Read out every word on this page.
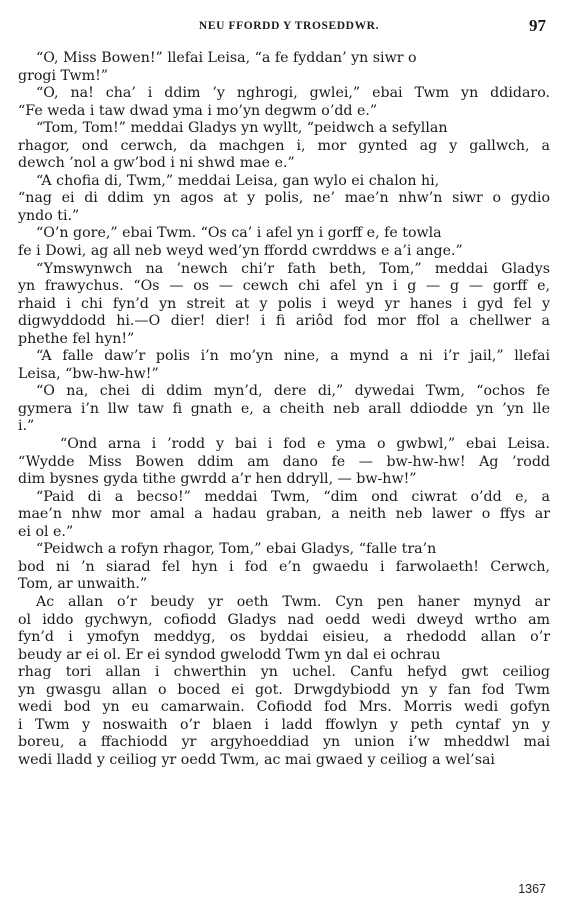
NEU FFORDD Y TROSEDDWR.	97
“O, Miss Bowen!” llefai Leisa, “a fe fyddan’ yn siwr o
grogi Twm!”
“O, na! cha’ i ddim ’y nghrogi, gwlei,” ebai Twm yn ddidaro.
“Fe weda i taw dwad yma i mo’yn degwm o’dd e.”
“Tom, Tom!” meddai Gladys yn wyllt, “peidwch a sefyllan
rhagor, ond cerwch, da machgen i, mor gynted ag y gallwch, a
dewch ’nol a gw’bod i ni shwd mae e.”
“A chofia di, Twm,” meddai Leisa, gan wylo ei chalon hi,
“nag ei di ddim yn agos at y polis, ne’ mae’n nhw’n siwr o gydio
yndo ti.”
“O’n gore,” ebai Twm. “Os ca’ i afel yn i gorff e, fe towla
fe i Dowi, ag all neb weyd wed’yn ffordd cwrddws e a’i ange.”
“Ymswynwch na ’newch chi’r fath beth, Tom,” meddai Gladys
yn frawychus. “Os — os — cewch chi afel yn i g — g — gorff e,
rhaid i chi fyn’d yn streit at y polis i weyd yr hanes i gyd fel y
digwyddodd hi.—O dier! dier! i fi ariôd fod mor ffol a chellwer a
phethe fel hyn!”
“A falle daw’r polis i’n mo’yn nine, a mynd a ni i’r jail,” llefai
Leisa, “bw-hw-hw!”
“O na, chei di ddim myn’d, dere di,” dywedai Twm, “ochos fe
gymera i’n llw taw fi gnath e, a cheith neb arall ddiodde yn ’yn lle
i.”
“Ond arna i ’rodd y bai i fod e yma o gwbwl,” ebai Leisa.
“Wydde Miss Bowen ddim am dano fe — bw-hw-hw! Ag ’rodd
dim bysnes gyda tithe gwrdd a’r hen ddryll, — bw-hw!”
“Paid di a becso!” meddai Twm, “dim ond ciwrat o’dd e, a
mae’n nhw mor amal a hadau graban, a neith neb lawer o ffys ar
ei ol e.”
“Peidwch a rofyn rhagor, Tom,” ebai Gladys, “falle tra’n
bod ni ’n siarad fel hyn i fod e’n gwaedu i farwolaeth! Cerwch,
Tom, ar unwaith.”
Ac allan o’r beudy yr oeth Twm. Cyn pen haner mynyd ar
ol iddo gychwyn, cofiodd Gladys nad oedd wedi dweyd wrtho am
fyn’d i ymofyn meddyg, os byddai eisieu, a rhedodd allan o’r
beudy ar ei ol. Er ei syndod gwelodd Twm yn dal ei ochrau
rhag tori allan i chwerthin yn uchel. Canfu hefyd gwt ceiliog
yn gwasgu allan o boced ei got. Drwgdybiodd yn y fan fod Twm
wedi bod yn eu camarwain. Cofiodd fod Mrs. Morris wedi gofyn
i Twm y noswaith o’r blaen i ladd ffowlyn y peth cyntaf yn y
boreu, a ffachiodd yr argyhoeddiad yn union i’w mheddwl mai
wedi lladd y ceiliog yr oedd Twm, ac mai gwaed y ceiliog a wel’sai
1367
